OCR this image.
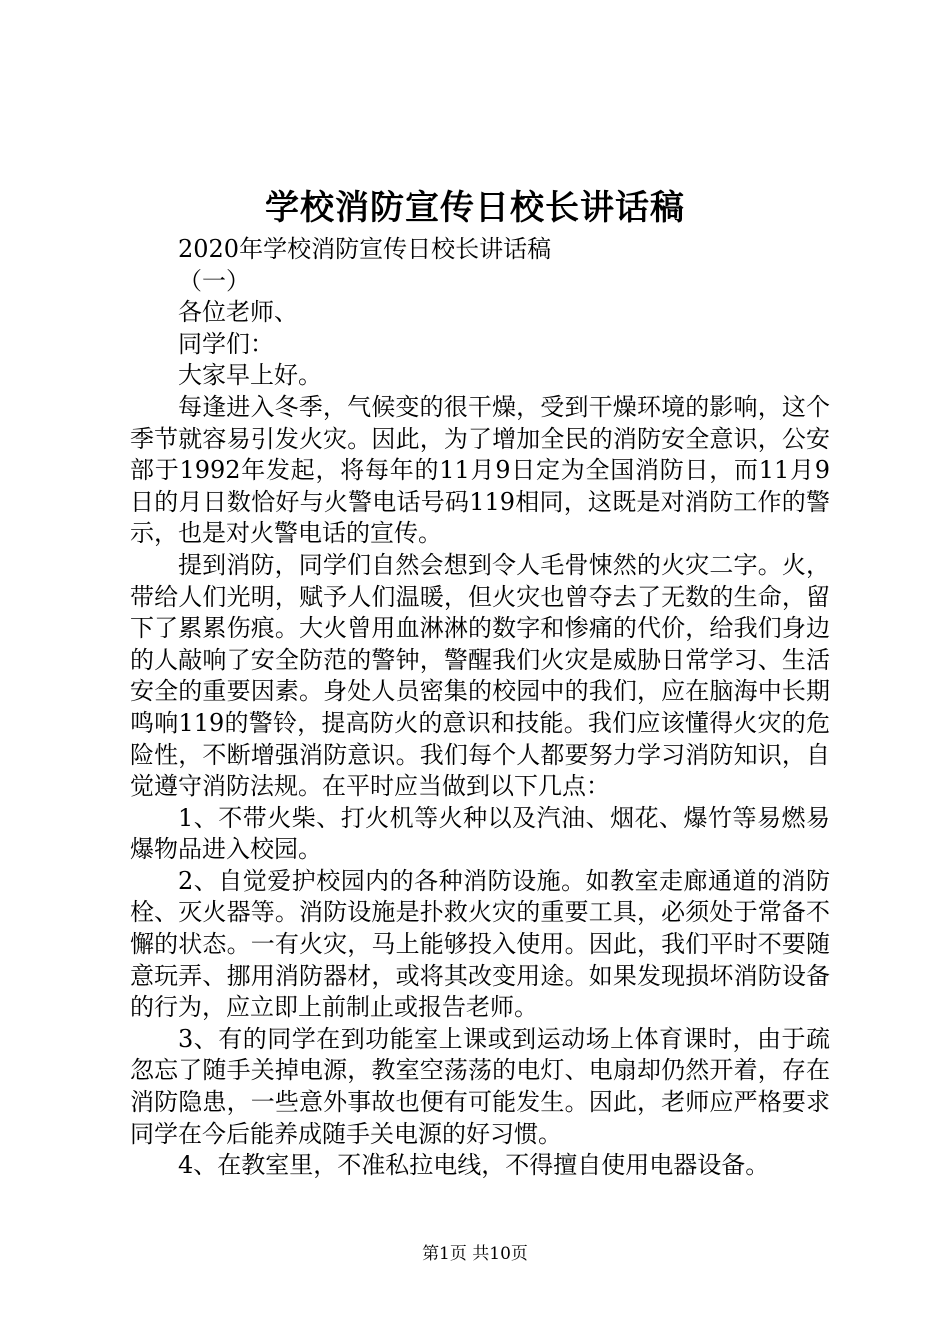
学校消防宣传日校长讲话稿

2020年学校消防宣传日校长讲话稿

（一）

各位老师、

同学们：

大家早上好。

每逢进入冬季，气候变的很干燥，受到干燥环境的影响，这个季节就容易引发火灾。因此，为了增加全民的消防安全意识，公安部于1992年发起，将每年的11月9日定为全国消防日，而11月9日的月日数恰好与火警电话号码119相同，这既是对消防工作的警示，也是对火警电话的宣传。

提到消防，同学们自然会想到令人毛骨悚然的火灾二字。火，带给人们光明，赋予人们温暖，但火灾也曾夺去了无数的生命，留下了累累伤痕。大火曾用血淋淋的数字和惨痛的代价，给我们身边的人敲响了安全防范的警钟，警醒我们火灾是威胁日常学习、生活安全的重要因素。身处人员密集的校园中的我们，应在脑海中长期鸣响119的警铃，提高防火的意识和技能。我们应该懂得火灾的危险性，不断增强消防意识。我们每个人都要努力学习消防知识，自觉遵守消防法规。在平时应当做到以下几点：

1、不带火柴、打火机等火种以及汽油、烟花、爆竹等易燃易爆物品进入校园。

2、自觉爱护校园内的各种消防设施。如教室走廊通道的消防栓、灭火器等。消防设施是扑救火灾的重要工具，必须处于常备不懈的状态。一有火灾，马上能够投入使用。因此，我们平时不要随意玩弄、挪用消防器材，或将其改变用途。如果发现损坏消防设备的行为，应立即上前制止或报告老师。

3、有的同学在到功能室上课或到运动场上体育课时，由于疏忽忘了随手关掉电源，教室空荡荡的电灯、电扇却仍然开着，存在消防隐患，一些意外事故也便有可能发生。因此，老师应严格要求同学在今后能养成随手关电源的好习惯。

4、在教室里，不准私拉电线，不得擅自使用电器设备。

第1页 共10页
